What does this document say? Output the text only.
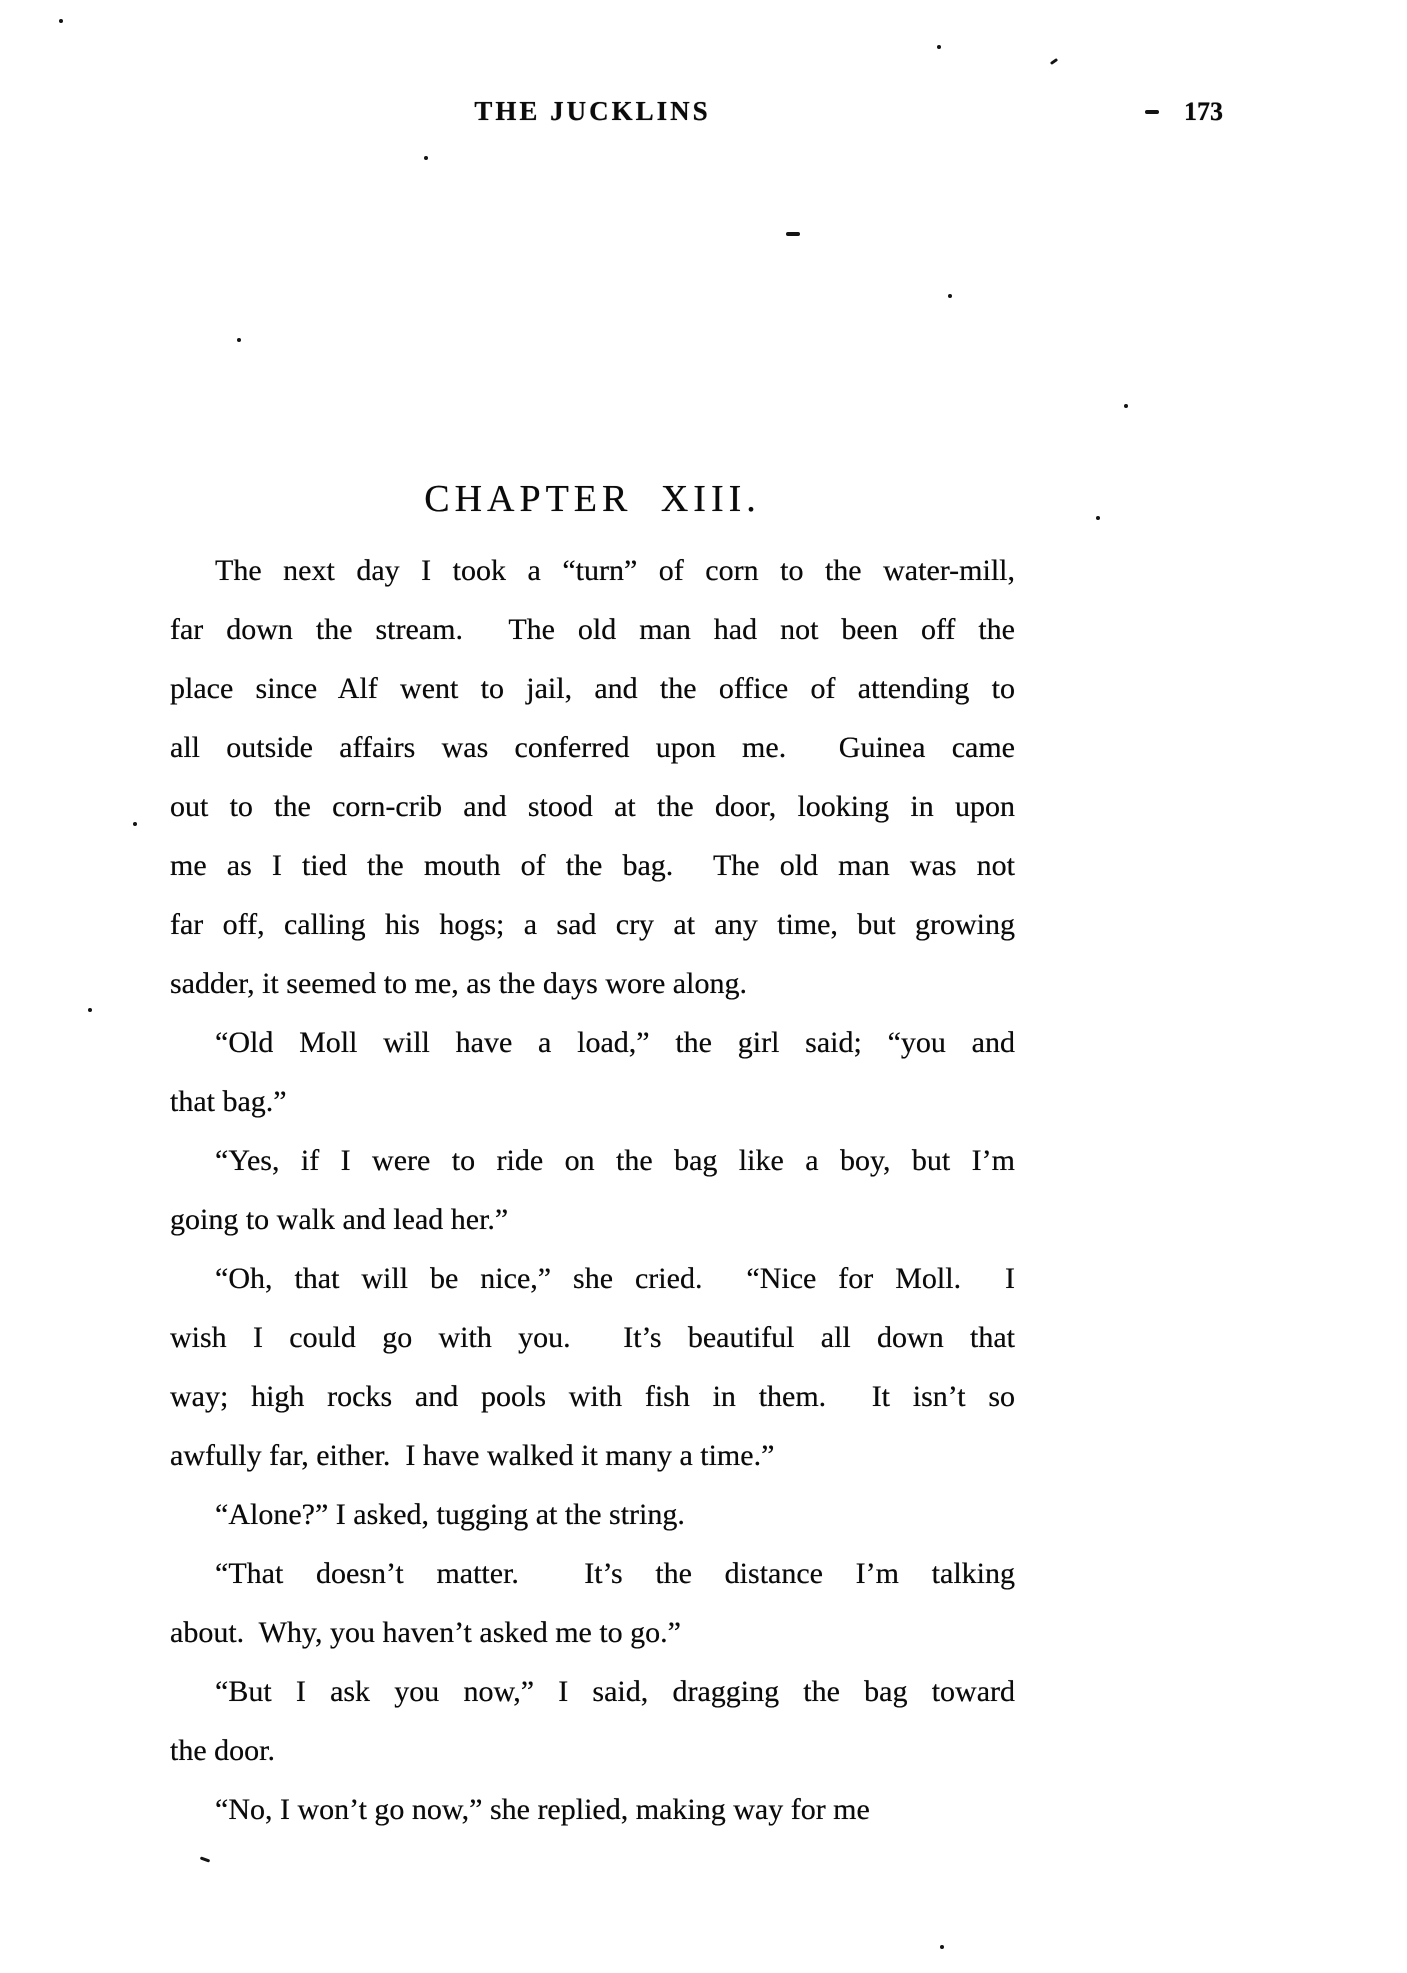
THE JUCKLINS	173
CHAPTER XIII.
The next day I took a “turn” of corn to the water-mill,
far down the stream.  The old man had not been off the
place since Alf went to jail, and the office of attending to
all outside affairs was conferred upon me.  Guinea came
out to the corn-crib and stood at the door, looking in upon
me as I tied the mouth of the bag.  The old man was not
far off, calling his hogs; a sad cry at any time, but growing
sadder, it seemed to me, as the days wore along.
“Old Moll will have a load,” the girl said; “you and
that bag.”
“Yes, if I were to ride on the bag like a boy, but I’m
going to walk and lead her.”
“Oh, that will be nice,” she cried.  “Nice for Moll.  I
wish I could go with you.  It’s beautiful all down that
way; high rocks and pools with fish in them.  It isn’t so
awfully far, either.  I have walked it many a time.”
“Alone?” I asked, tugging at the string.
“That doesn’t matter.  It’s the distance I’m talking
about.  Why, you haven’t asked me to go.”
“But I ask you now,” I said, dragging the bag toward
the door.
“No, I won’t go now,” she replied, making way for me
